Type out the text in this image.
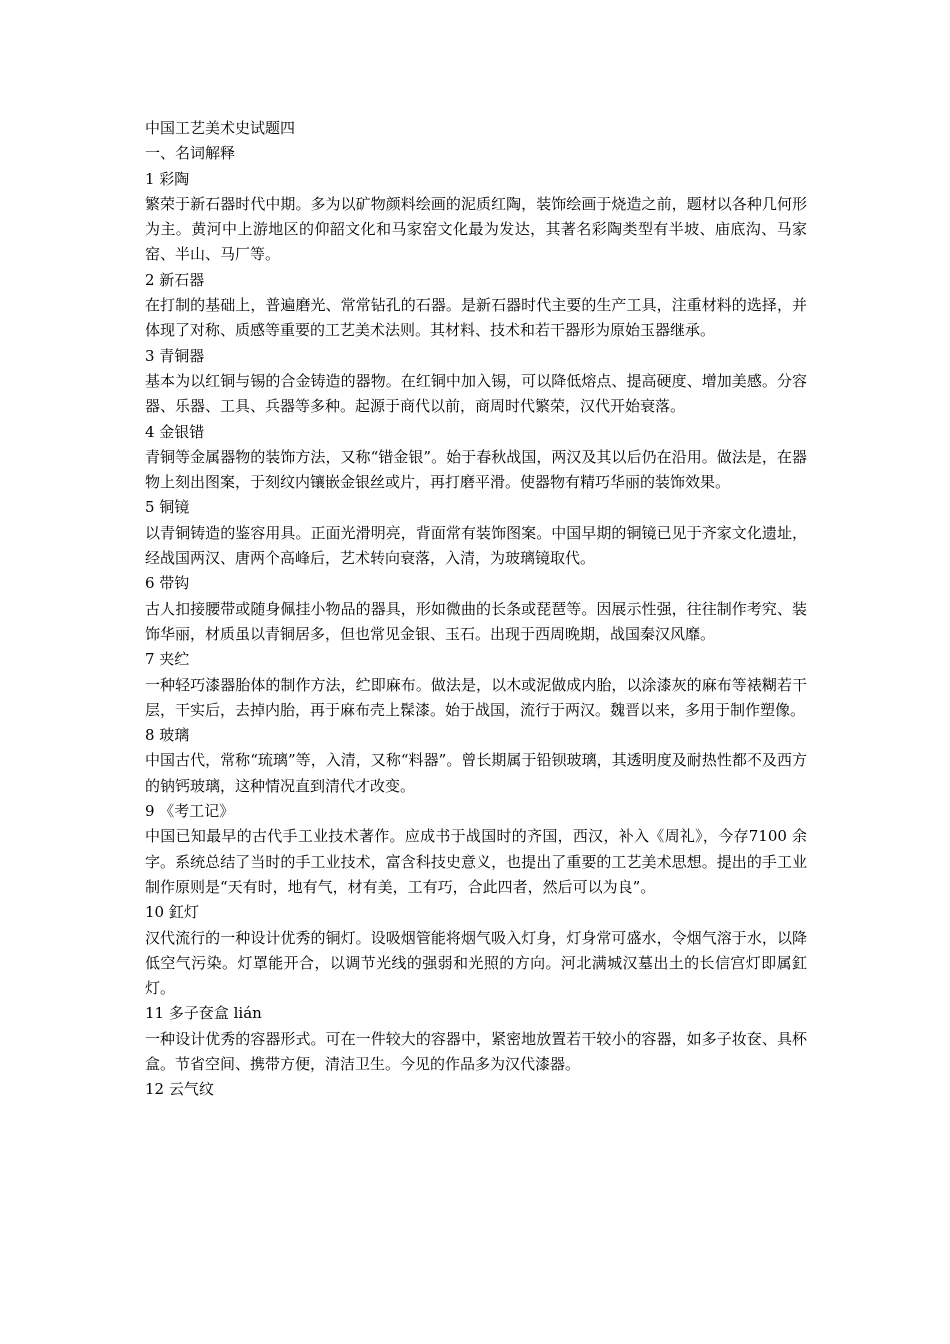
中国工艺美术史试题四

一、名词解释

1 彩陶

繁荣于新石器时代中期。多为以矿物颜料绘画的泥质红陶，装饰绘画于烧造之前，题材以各种几何形为主。黄河中上游地区的仰韶文化和马家窑文化最为发达，其著名彩陶类型有半坡、庙底沟、马家窑、半山、马厂等。

2 新石器

在打制的基础上，普遍磨光、常常钻孔的石器。是新石器时代主要的生产工具，注重材料的选择，并体现了对称、质感等重要的工艺美术法则。其材料、技术和若干器形为原始玉器继承。

3 青铜器

基本为以红铜与锡的合金铸造的器物。在红铜中加入锡，可以降低熔点、提高硬度、增加美感。分容器、乐器、工具、兵器等多种。起源于商代以前，商周时代繁荣，汉代开始衰落。

4 金银错

青铜等金属器物的装饰方法，又称“错金银”。始于春秋战国，两汉及其以后仍在沿用。做法是，在器物上刻出图案，于刻纹内镶嵌金银丝或片，再打磨平滑。使器物有精巧华丽的装饰效果。

5 铜镜

以青铜铸造的鉴容用具。正面光滑明亮，背面常有装饰图案。中国早期的铜镜已见于齐家文化遗址，经战国两汉、唐两个高峰后，艺术转向衰落，入清，为玻璃镜取代。

6 带钩

古人扣接腰带或随身佩挂小物品的器具，形如微曲的长条或琵琶等。因展示性强，往往制作考究、装饰华丽，材质虽以青铜居多，但也常见金银、玉石。出现于西周晚期，战国秦汉风靡。

7 夹纻

一种轻巧漆器胎体的制作方法，纻即麻布。做法是，以木或泥做成内胎，以涂漆灰的麻布等裱糊若干层，干实后，去掉内胎，再于麻布壳上髹漆。始于战国，流行于两汉。魏晋以来，多用于制作塑像。

8 玻璃

中国古代，常称“琉璃”等，入清，又称“料器”。曾长期属于铅钡玻璃，其透明度及耐热性都不及西方的钠钙玻璃，这种情况直到清代才改变。

9 《考工记》

中国已知最早的古代手工业技术著作。应成书于战国时的齐国，西汉，补入《周礼》，今存7100 余字。系统总结了当时的手工业技术，富含科技史意义，也提出了重要的工艺美术思想。提出的手工业制作原则是“天有时，地有气，材有美，工有巧，合此四者，然后可以为良”。

10 釭灯

汉代流行的一种设计优秀的铜灯。设吸烟管能将烟气吸入灯身，灯身常可盛水，令烟气溶于水，以降低空气污染。灯罩能开合，以调节光线的强弱和光照的方向。河北满城汉墓出土的长信宫灯即属釭灯。

11 多子奁盒 lián

一种设计优秀的容器形式。可在一件较大的容器中，紧密地放置若干较小的容器，如多子妆奁、具杯盒。节省空间、携带方便，清洁卫生。今见的作品多为汉代漆器。

12 云气纹
